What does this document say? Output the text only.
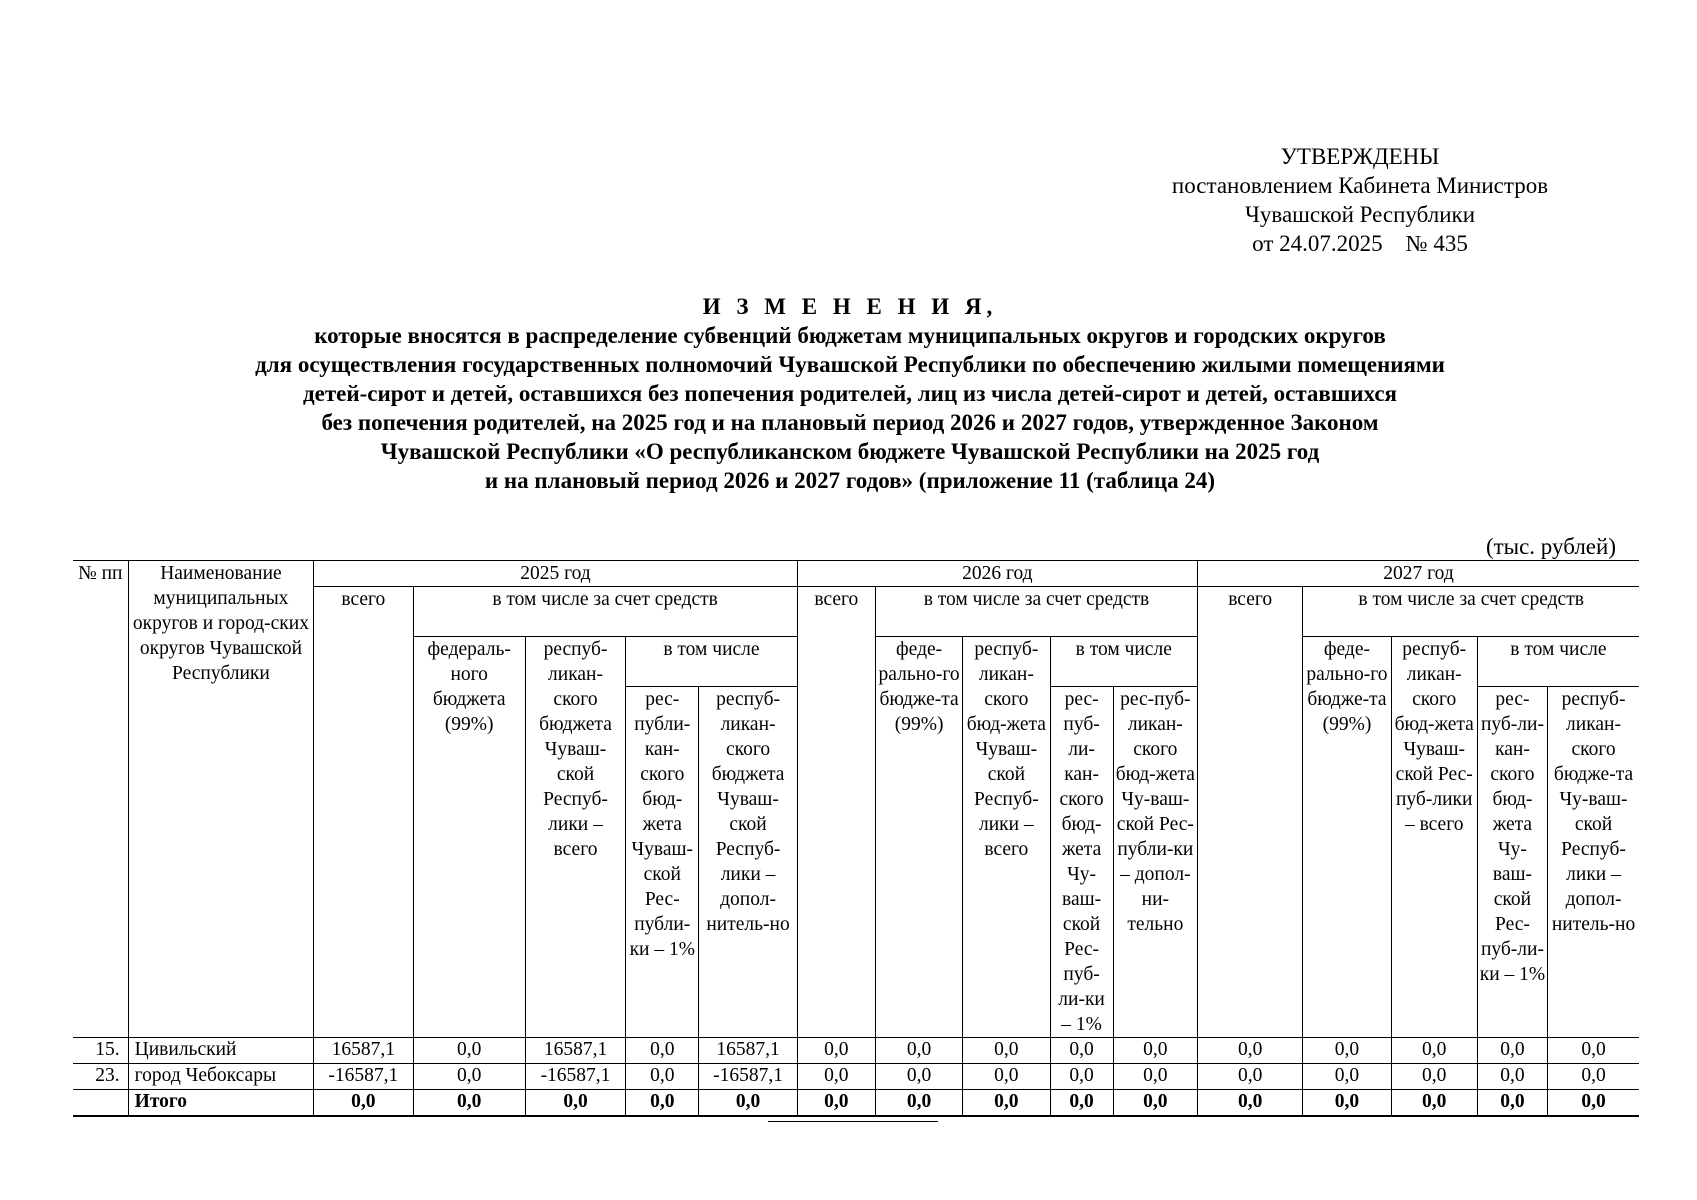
УТВЕРЖДЕНЫ
постановлением Кабинета Министров
Чувашской Республики
от 24.07.2025    № 435
И З М Е Н Е Н И Я,
которые вносятся в распределение субвенций бюджетам муниципальных округов и городских округов
для осуществления государственных полномочий Чувашской Республики по обеспечению жилыми помещениями
детей-сирот и детей, оставшихся без попечения родителей, лиц из числа детей-сирот и детей, оставшихся
без попечения родителей, на 2025 год и на плановый период 2026 и 2027 годов, утвержденное Законом
Чувашской Республики «О республиканском бюджете Чувашской Республики на 2025 год
и на плановый период 2026 и 2027 годов» (приложение 11 (таблица 24)
(тыс. рублей)
№ пп	Наименование муниципальных округов и город-ских округов Чувашской Республики	2025 год					2026 год					2027 год				
		всего	в том числе за счет средств				всего	в том числе за счет средств				всего	в том числе за счет средств			
			федераль-ного бюджета (99%)	респуб-ликан-ского бюджета Чуваш-ской Респуб-лики – всего	в том числе			феде-рально-го бюдже-та (99%)	респуб-ликан-ского бюд-жета Чуваш-ской Респуб-лики – всего	в том числе			феде-рально-го бюдже-та (99%)	респуб-ликан-ского бюд-жета Чуваш-ской Рес-пуб-лики – всего	в том числе	
					рес-публи-кан-ского бюд-жета Чуваш-ской Рес-публи-ки – 1%	респуб-ликан-ского бюджета Чуваш-ской Респуб-лики – допол-нитель-но				рес-пуб-ли-кан-ского бюд-жета Чу-ваш-ской Рес-пуб-ли-ки – 1%	рес-пуб-ликан-ского бюд-жета Чу-ваш-ской Рес-публи-ки – допол-ни-тельно				рес-пуб-ли-кан-ского бюд-жета Чу-ваш-ской Рес-пуб-ли-ки – 1%	респуб-ликан-ского бюдже-та Чу-ваш-ской Респуб-лики – допол-нитель-но
15.	Цивильский	16587,1	0,0	16587,1	0,0	16587,1	0,0	0,0	0,0	0,0	0,0	0,0	0,0	0,0	0,0	0,0
23.	город Чебоксары	-16587,1	0,0	-16587,1	0,0	-16587,1	0,0	0,0	0,0	0,0	0,0	0,0	0,0	0,0	0,0	0,0
	Итого	0,0	0,0	0,0	0,0	0,0	0,0	0,0	0,0	0,0	0,0	0,0	0,0	0,0	0,0	0,0
